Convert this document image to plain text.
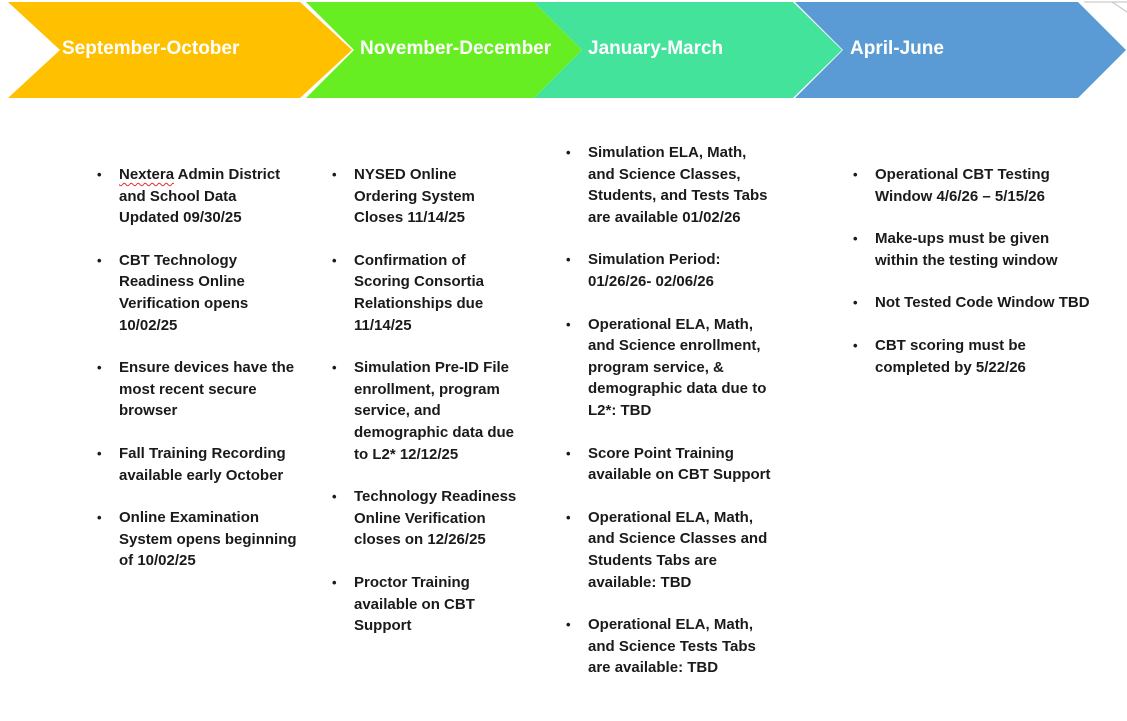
September-October	November-December January-March	April-June
• Nextera Admin District and School Data Updated 09/30/25
• CBT Technology Readiness Online Verification opens 10/02/25
• Ensure devices have the most recent secure browser
• Fall Training Recording available early October
• Online Examination System opens beginning of 10/02/25
• NYSED Online Ordering System Closes 11/14/25
• Confirmation of Scoring Consortia Relationships due 11/14/25
• Simulation Pre-ID File enrollment, program service, and demographic data due to L2* 12/12/25
• Technology Readiness Online Verification closes on 12/26/25
• Proctor Training available on CBT Support
• Simulation ELA, Math, and Science Classes, Students, and Tests Tabs are available 01/02/26
• Simulation Period: 01/26/26- 02/06/26
• Operational ELA, Math, and Science enrollment, program service, & demographic data due to L2*: TBD
• Score Point Training available on CBT Support
• Operational ELA, Math, and Science Classes and Students Tabs are available: TBD
• Operational ELA, Math, and Science Tests Tabs are available: TBD
• Operational CBT Testing Window 4/6/26 – 5/15/26
• Make-ups must be given within the testing window
• Not Tested Code Window TBD
• CBT scoring must be completed by 5/22/26
